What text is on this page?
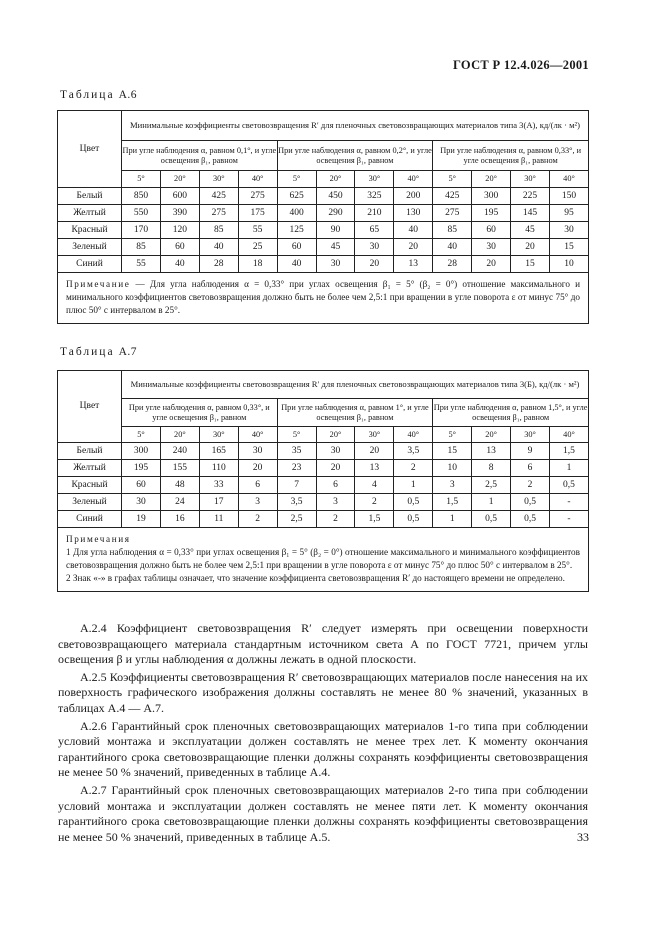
ГОСТ Р 12.4.026—2001
Таблица А.6
Цвет	Минимальные коэффициенты световозвращения R′ для пленочных световозвращающих материалов типа 3(А), кд/(лк · м²)											
	При угле наблюдения α, равном 0,1°, и угле освещения β₁, равном				При угле наблюдения α, равном 0,2°, и угле освещения β₁, равном				При угле наблюдения α, равном 0,33°, и угле освещения β₁, равном			
	5°	20°	30°	40°	5°	20°	30°	40°	5°	20°	30°	40°
Белый	850	600	425	275	625	450	325	200	425	300	225	150
Желтый	550	390	275	175	400	290	210	130	275	195	145	95
Красный	170	120	85	55	125	90	65	40	85	60	45	30
Зеленый	85	60	40	25	60	45	30	20	40	30	20	15
Синий	55	40	28	18	40	30	20	13	28	20	15	10
Примечание — Для угла наблюдения α = 0,33° при углах освещения β₁ = 5° (β₂ = 0°) отношение максимального и минимального коэффициентов световозвращения должно быть не более чем 2,5:1 при вращении в угле поворота ε от минус 75° до плюс 50° с интервалом в 25°.												
Таблица А.7
Цвет	Минимальные коэффициенты световозвращения R′ для пленочных световозвращающих материалов типа 3(Б), кд/(лк · м²)											
	При угле наблюдения α, равном 0,33°, и угле освещения β₁, равном				При угле наблюдения α, равном 1°, и угле освещения β₁, равном				При угле наблюдения α, равном 1,5°, и угле освещения β₁, равном			
	5°	20°	30°	40°	5°	20°	30°	40°	5°	20°	30°	40°
Белый	300	240	165	30	35	30	20	3,5	15	13	9	1,5
Желтый	195	155	110	20	23	20	13	2	10	8	6	1
Красный	60	48	33	6	7	6	4	1	3	2,5	2	0,5
Зеленый	30	24	17	3	3,5	3	2	0,5	1,5	1	0,5	-
Синий	19	16	11	2	2,5	2	1,5	0,5	1	0,5	0,5	-

Примечания
1 Для угла наблюдения α = 0,33° при углах освещения β₁ = 5° (β₂ = 0°) отношение максимального и минимального коэффициентов световозвращения должно быть не более чем 2,5:1 при вращении в угле поворота ε от минус 75° до плюс 50° с интервалом в 25°.
2 Знак «-» в графах таблицы означает, что значение коэффициента световозвращения R′ до настоящего времени не определено.												

А.2.4 Коэффициент световозвращения R′ следует измерять при освещении поверхности световозвращающего материала стандартным источником света А по ГОСТ 7721, причем углы освещения β и углы наблюдения α должны лежать в одной плоскости.

А.2.5 Коэффициенты световозвращения R′ световозвращающих материалов после нанесения на их поверхность графического изображения должны составлять не менее 80 % значений, указанных в таблицах А.4 — А.7.

А.2.6 Гарантийный срок пленочных световозвращающих материалов 1-го типа при соблюдении условий монтажа и эксплуатации должен составлять не менее трех лет. К моменту окончания гарантийного срока световозвращающие пленки должны сохранять коэффициенты световозвращения не менее 50 % значений, приведенных в таблице А.4.

А.2.7 Гарантийный срок пленочных световозвращающих материалов 2-го типа при соблюдении условий монтажа и эксплуатации должен составлять не менее пяти лет. К моменту окончания гарантийного срока световозвращающие пленки должны сохранять коэффициенты световозвращения не менее 50 % значений, приведенных в таблице А.5.	33
